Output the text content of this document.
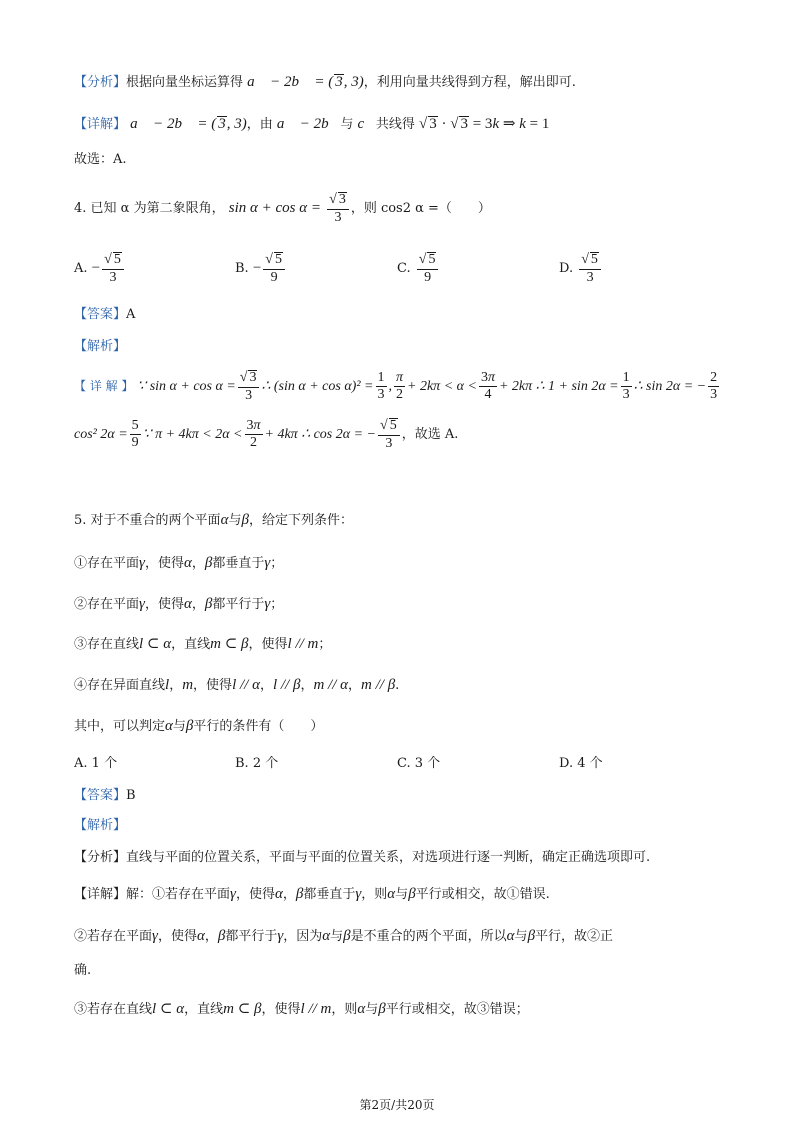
【分析】根据向量坐标运算得 a⃗ − 2b⃗ = ( 3, 3)，利用向量共线得到方程，解出即可.
【详解】 a⃗ − 2b⃗ = ( 3, 3)，由 a⃗ − 2b⃗与 c⃗共线得 √ 3 · √ 3 = 3k ⇒ k = 1
故选：A.
4. 已知 α 为第二象限角， $\sin \alpha + \cos \alpha = \frac{√ 3}{3}$ ，则 cos2 α =（　　）
A. − $\frac{√ 5}{3}$	B. − $\frac{√ 5}{9}$	C. $\frac{√ 5}{9}$	D. $\frac{√ 5}{3}$
【答案】A
【解析】
【 详 解 】 ∵ $\sin \alpha + \cos \alpha = \frac{√ 3}{3}$ ∴ (sin $\alpha + \cos \alpha)^2 = \frac{1}{3}$ , $\frac{\pi}{2} + 2k\pi < \alpha < \frac{3\pi}{4} + 2k\pi$ ∴ $1 + \sin 2\alpha = \frac{1}{3}$ ∴ sin 2α = − $\frac{2}{3}$
cos² $2\alpha = \frac{5}{9}$ ∵ $\pi + 4k\pi < 2\alpha < \frac{3\pi}{2} + 4k\pi$ ∴ cos 2α = − $\frac{√ 5}{3}$ ，故选 A.
5. 对于不重合的两个平面α与β，给定下列条件：
①存在平面γ，使得α，β都垂直于γ；
②存在平面γ，使得α，β都平行于γ；
③存在直线l ⊂ α，直线m ⊂ β，使得l // m；
④存在异面直线l，m，使得l // α，l // β，m // α，m // β.
其中，可以判定α与β平行的条件有（　　）
A. 1 个	B. 2 个	C. 3 个	D. 4 个
【答案】B
【解析】
【分析】直线与平面的位置关系，平面与平面的位置关系，对选项进行逐一判断，确定正确选项即可.
【详解】解：①若存在平面γ，使得α，β都垂直于γ，则α与β平行或相交，故①错误.
②若存在平面γ，使得α，β都平行于γ，因为α与β是不重合的两个平面，所以α与β平行，故②正
确.
③若存在直线l ⊂ α，直线m ⊂ β，使得l // m，则α与β平行或相交，故③错误；
第2页/共20页
